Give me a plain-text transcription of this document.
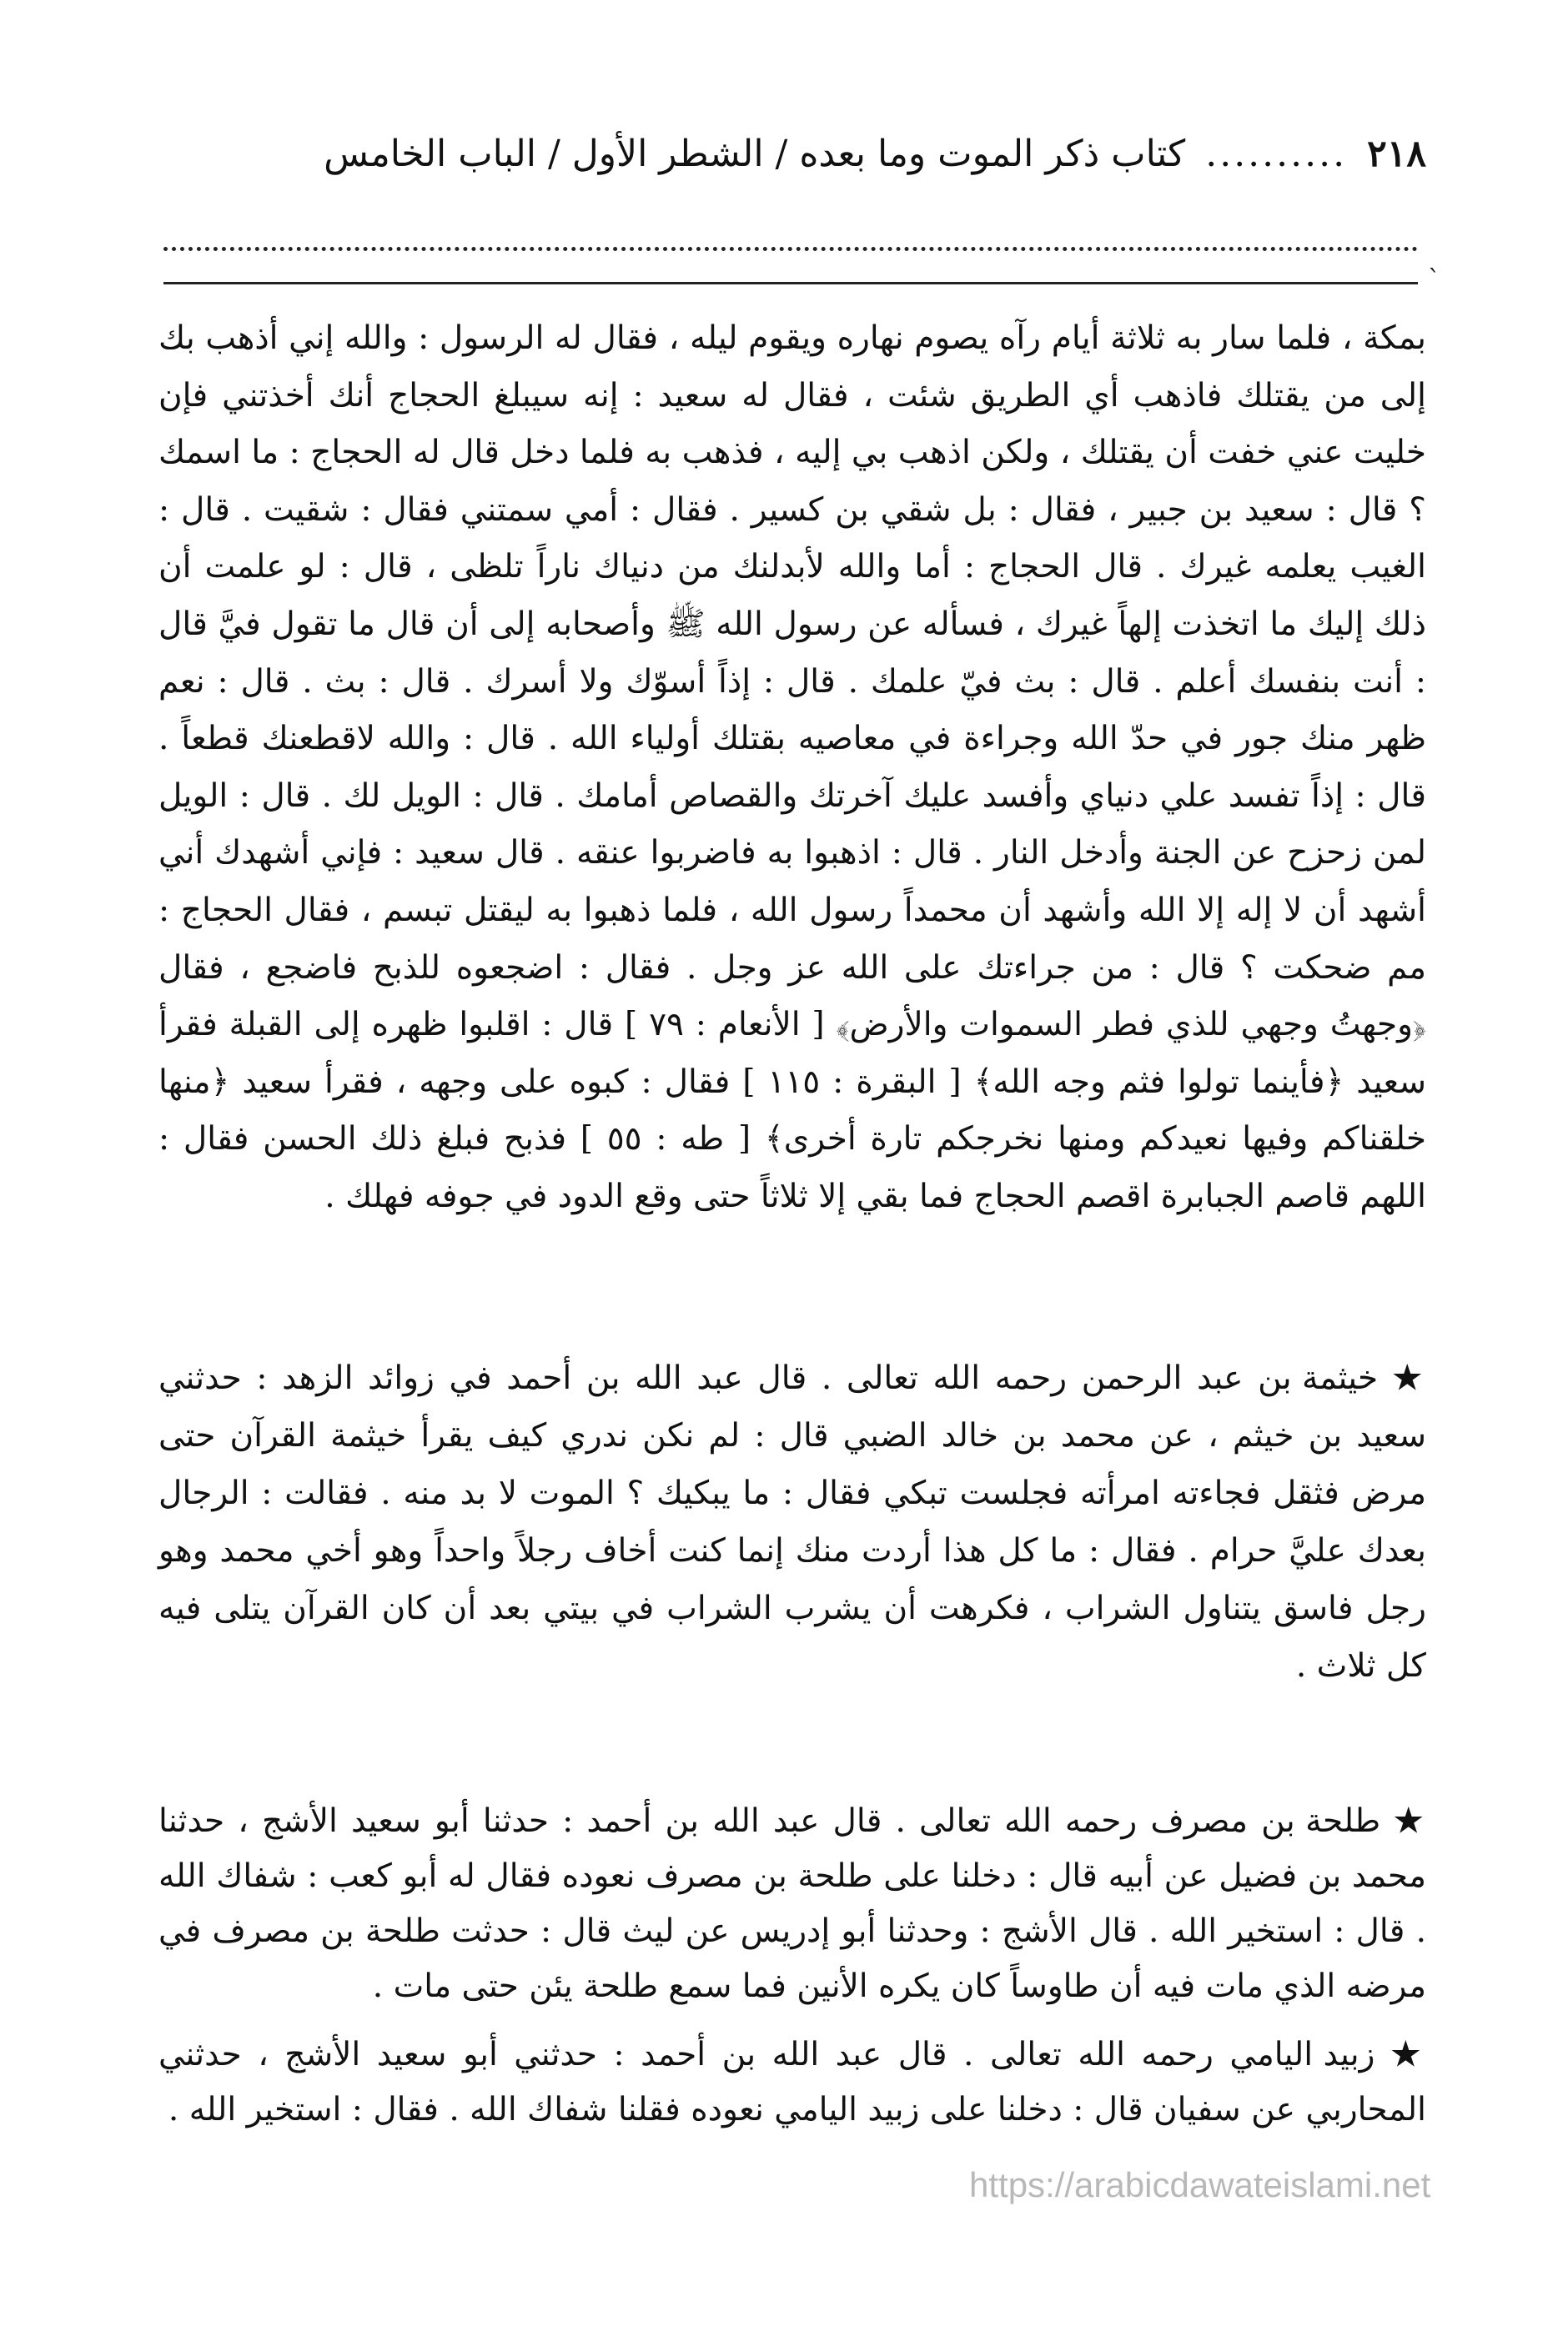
٢١٨
..........
كتاب ذكر الموت وما بعده / الشطر الأول / الباب الخامس
ˋ

بمكة ، فلما سار به ثلاثة أيام رآه يصوم نهاره ويقوم ليله ، فقال له الرسول : والله إني أذهب بك إلى من يقتلك فاذهب أي الطريق شئت ، فقال له سعيد : إنه سيبلغ الحجاج أنك أخذتني فإن خليت عني خفت أن يقتلك ، ولكن اذهب بي إليه ، فذهب به فلما دخل قال له الحجاج : ما اسمك ؟ قال : سعيد بن جبير ، فقال : بل شقي بن كسير . فقال : أمي سمتني فقال : شقيت . قال : الغيب يعلمه غيرك . قال الحجاج : أما والله لأبدلنك من دنياك ناراً تلظى ، قال : لو علمت أن ذلك إليك ما اتخذت إلهاً غيرك ، فسأله عن رسول الله ﷺ وأصحابه إلى أن قال ما تقول فيَّ قال : أنت بنفسك أعلم . قال : بث فيّ علمك . قال : إذاً أسوّك ولا أسرك . قال : بث . قال : نعم ظهر منك جور في حدّ الله وجراءة في معاصيه بقتلك أولياء الله . قال : والله لاقطعنك قطعاً . قال : إذاً تفسد علي دنياي وأفسد عليك آخرتك والقصاص أمامك . قال : الويل لك . قال : الويل لمن زحزح عن الجنة وأدخل النار . قال : اذهبوا به فاضربوا عنقه . قال سعيد : فإني أشهدك أني أشهد أن لا إله إلا الله وأشهد أن محمداً رسول الله ، فلما ذهبوا به ليقتل تبسم ، فقال الحجاج : مم ضحكت ؟ قال : من جراءتك على الله عز وجل . فقال : اضجعوه للذبح فاضجع ، فقال ﴿وجهتُ وجهي للذي فطر السموات والأرض﴾ [ الأنعام : ٧٩ ] قال : اقلبوا ظهره إلى القبلة فقرأ سعيد ﴿فأينما تولوا فثم وجه الله﴾ [ البقرة : ١١٥ ] فقال : كبوه على وجهه ، فقرأ سعيد ﴿منها خلقناكم وفيها نعيدكم ومنها نخرجكم تارة أخرى﴾ [ طه : ٥٥ ] فذبح فبلغ ذلك الحسن فقال : اللهم قاصم الجبابرة اقصم الحجاج فما بقي إلا ثلاثاً حتى وقع الدود في جوفه فهلك .

★ خيثمة بن عبد الرحمن رحمه الله تعالى . قال عبد الله بن أحمد في زوائد الزهد : حدثني سعيد بن خيثم ، عن محمد بن خالد الضبي قال : لم نكن ندري كيف يقرأ خيثمة القرآن حتى مرض فثقل فجاءته امرأته فجلست تبكي فقال : ما يبكيك ؟ الموت لا بد منه . فقالت : الرجال بعدك عليَّ حرام . فقال : ما كل هذا أردت منك إنما كنت أخاف رجلاً واحداً وهو أخي محمد وهو رجل فاسق يتناول الشراب ، فكرهت أن يشرب الشراب في بيتي بعد أن كان القرآن يتلى فيه كل ثلاث .

★ طلحة بن مصرف رحمه الله تعالى . قال عبد الله بن أحمد : حدثنا أبو سعيد الأشج ، حدثنا محمد بن فضيل عن أبيه قال : دخلنا على طلحة بن مصرف نعوده فقال له أبو كعب : شفاك الله . قال : استخير الله . قال الأشج : وحدثنا أبو إدريس عن ليث قال : حدثت طلحة بن مصرف في مرضه الذي مات فيه أن طاوساً كان يكره الأنين فما سمع طلحة يئن حتى مات .

★ زبيد اليامي رحمه الله تعالى . قال عبد الله بن أحمد : حدثني أبو سعيد الأشج ، حدثني المحاربي عن سفيان قال : دخلنا على زبيد اليامي نعوده فقلنا شفاك الله . فقال : استخير الله .

https://arabicdawateislami.net
